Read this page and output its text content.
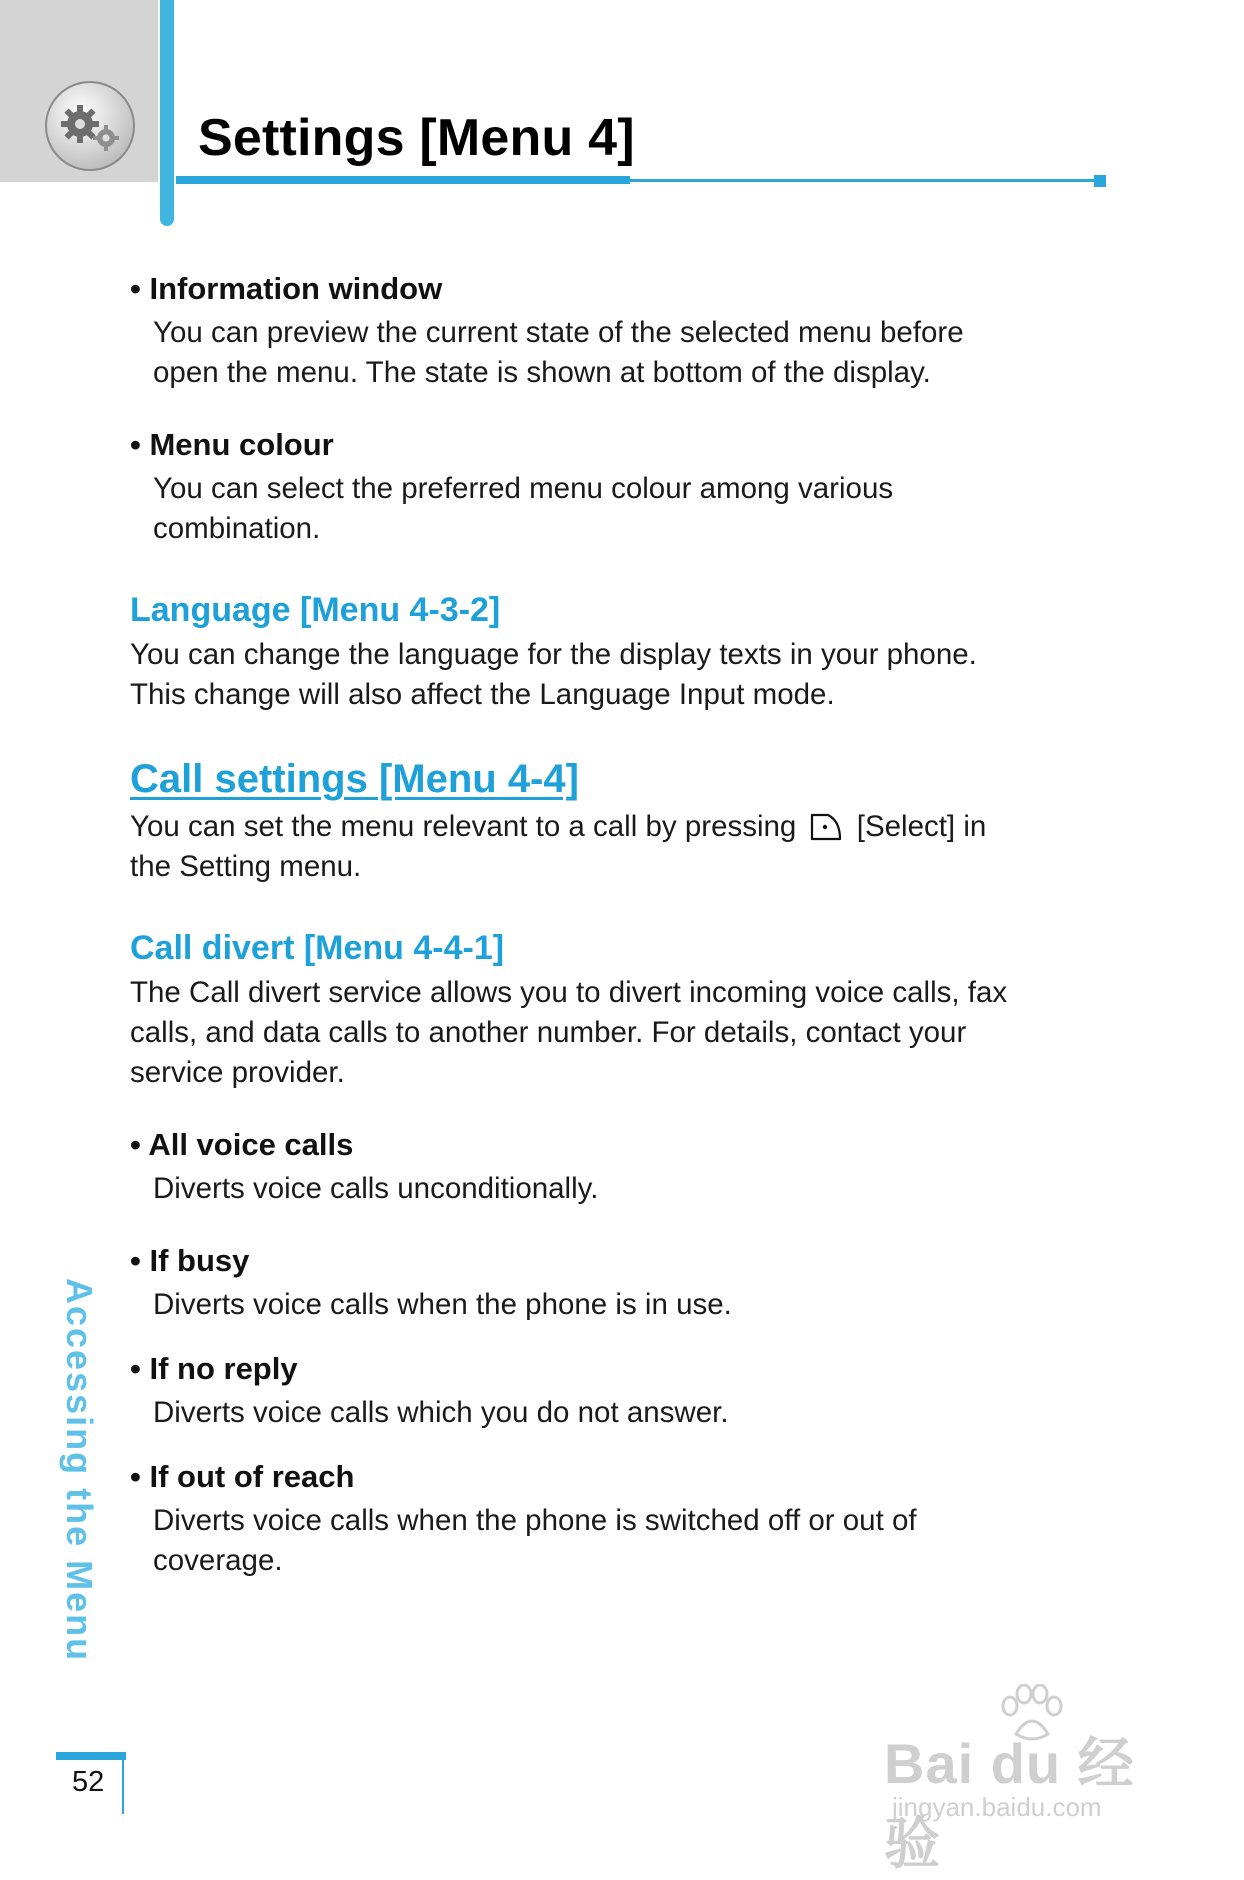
Settings [Menu 4]

• Information window

You can preview the current state of the selected menu before

open the menu. The state is shown at bottom of the display.

• Menu colour

You can select the preferred menu colour among various

combination.

Language [Menu 4-3-2]

You can change the language for the display texts in your phone.

This change will also affect the Language Input mode.

Call settings [Menu 4-4]

You can set the menu relevant to a call by pressing [Select] in

the Setting menu.

Call divert [Menu 4-4-1]

The Call divert service allows you to divert incoming voice calls, fax

calls, and data calls to another number. For details, contact your

service provider.

• All voice calls

Diverts voice calls unconditionally.

• If busy

Diverts voice calls when the phone is in use.

• If no reply

Diverts voice calls which you do not answer.

• If out of reach

Diverts voice calls when the phone is switched off or out of

coverage.

Accessing the Menu
52	Bai du 经验
jingyan.baidu.com
